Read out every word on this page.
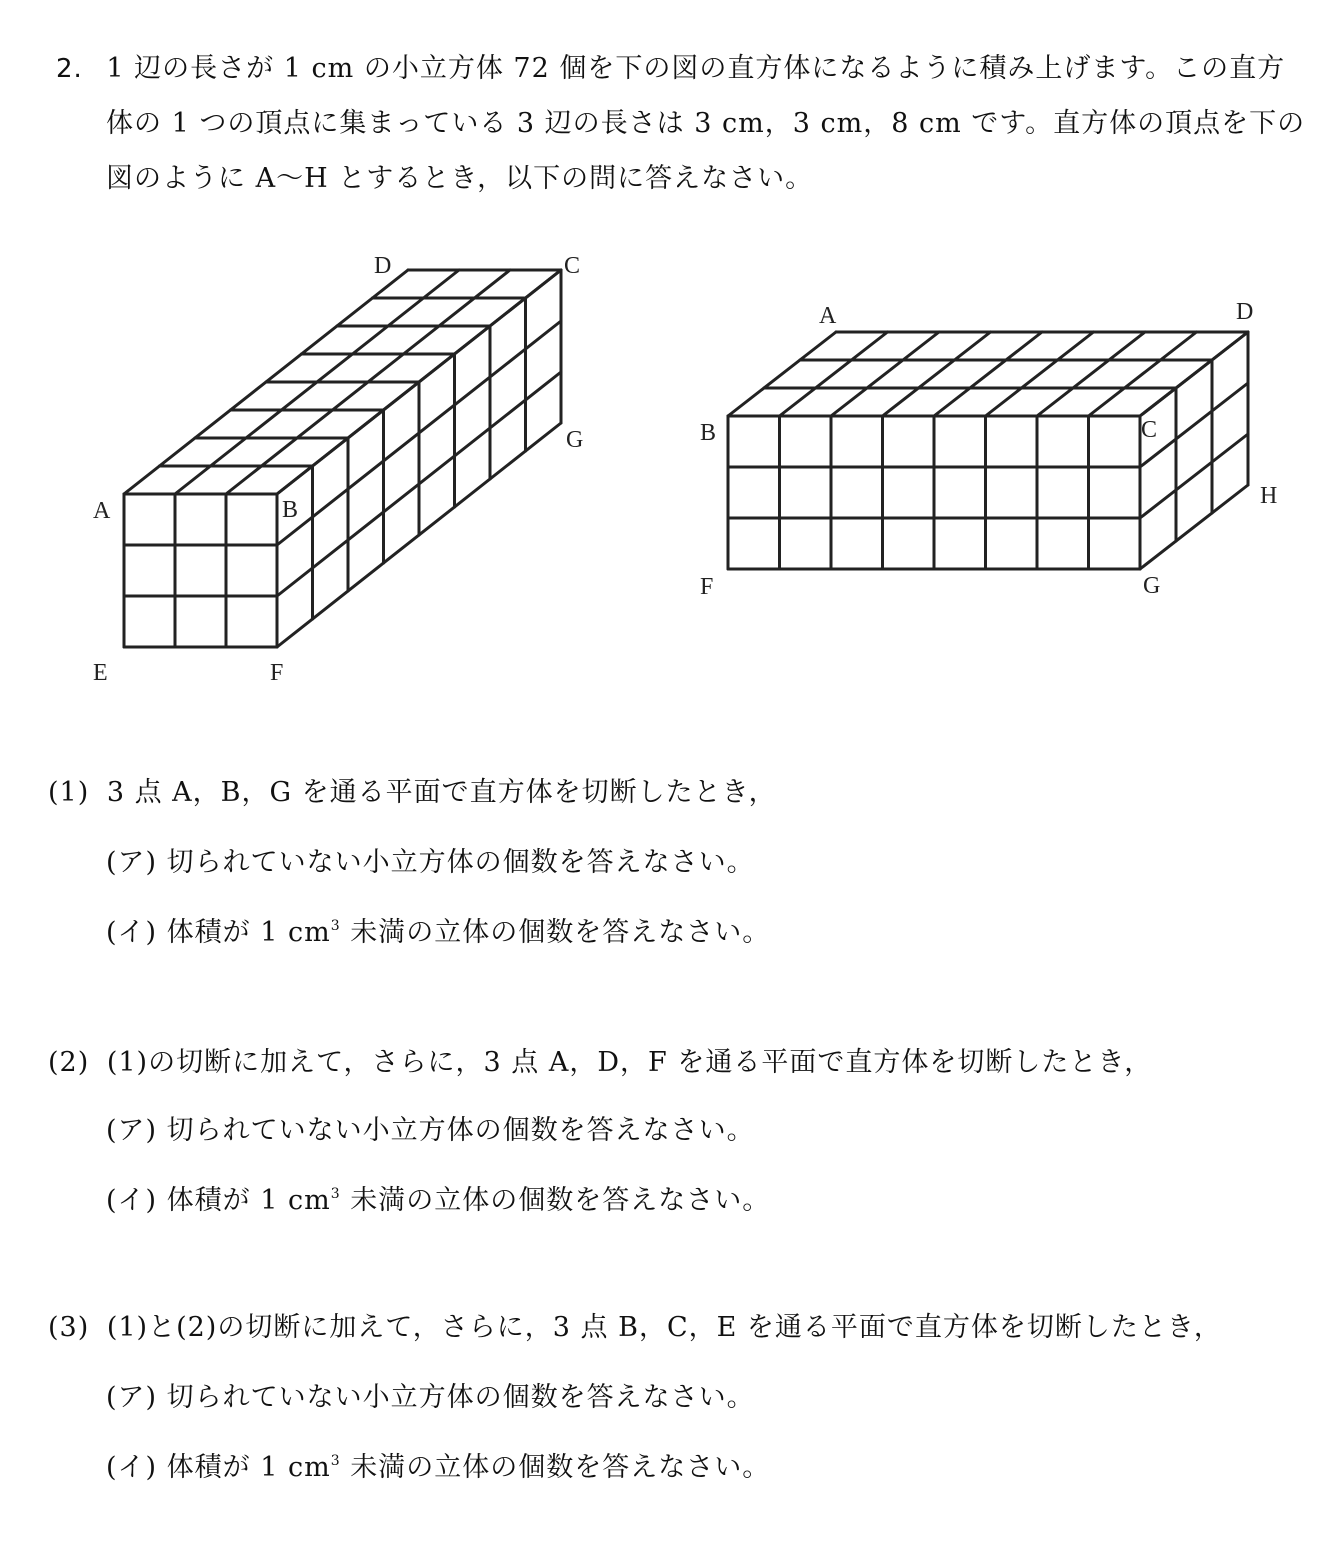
2. 1 辺の長さが 1 cm の小立方体 72 個を下の図の直方体になるように積み上げます。この直方
体の 1 つの頂点に集まっている 3 辺の長さは 3 cm，3 cm，8 cm です。直方体の頂点を下の
図のように A～H とするとき，以下の問に答えなさい。
D	C
G
A	B
E	F
A	D
B	C
H
F	G
(1) 3 点 A，B，G を通る平面で直方体を切断したとき，
(ア) 切られていない小立方体の個数を答えなさい。
(イ) 体積が 1 $cm^3$ 未満の立体の個数を答えなさい。
(2) (1)の切断に加えて，さらに，3 点 A，D，F を通る平面で直方体を切断したとき，
(ア) 切られていない小立方体の個数を答えなさい。
(イ) 体積が 1 $cm^3$ 未満の立体の個数を答えなさい。
(3) (1)と(2)の切断に加えて，さらに，3 点 B，C，E を通る平面で直方体を切断したとき，
(ア) 切られていない小立方体の個数を答えなさい。
(イ) 体積が 1 $cm^3$ 未満の立体の個数を答えなさい。
